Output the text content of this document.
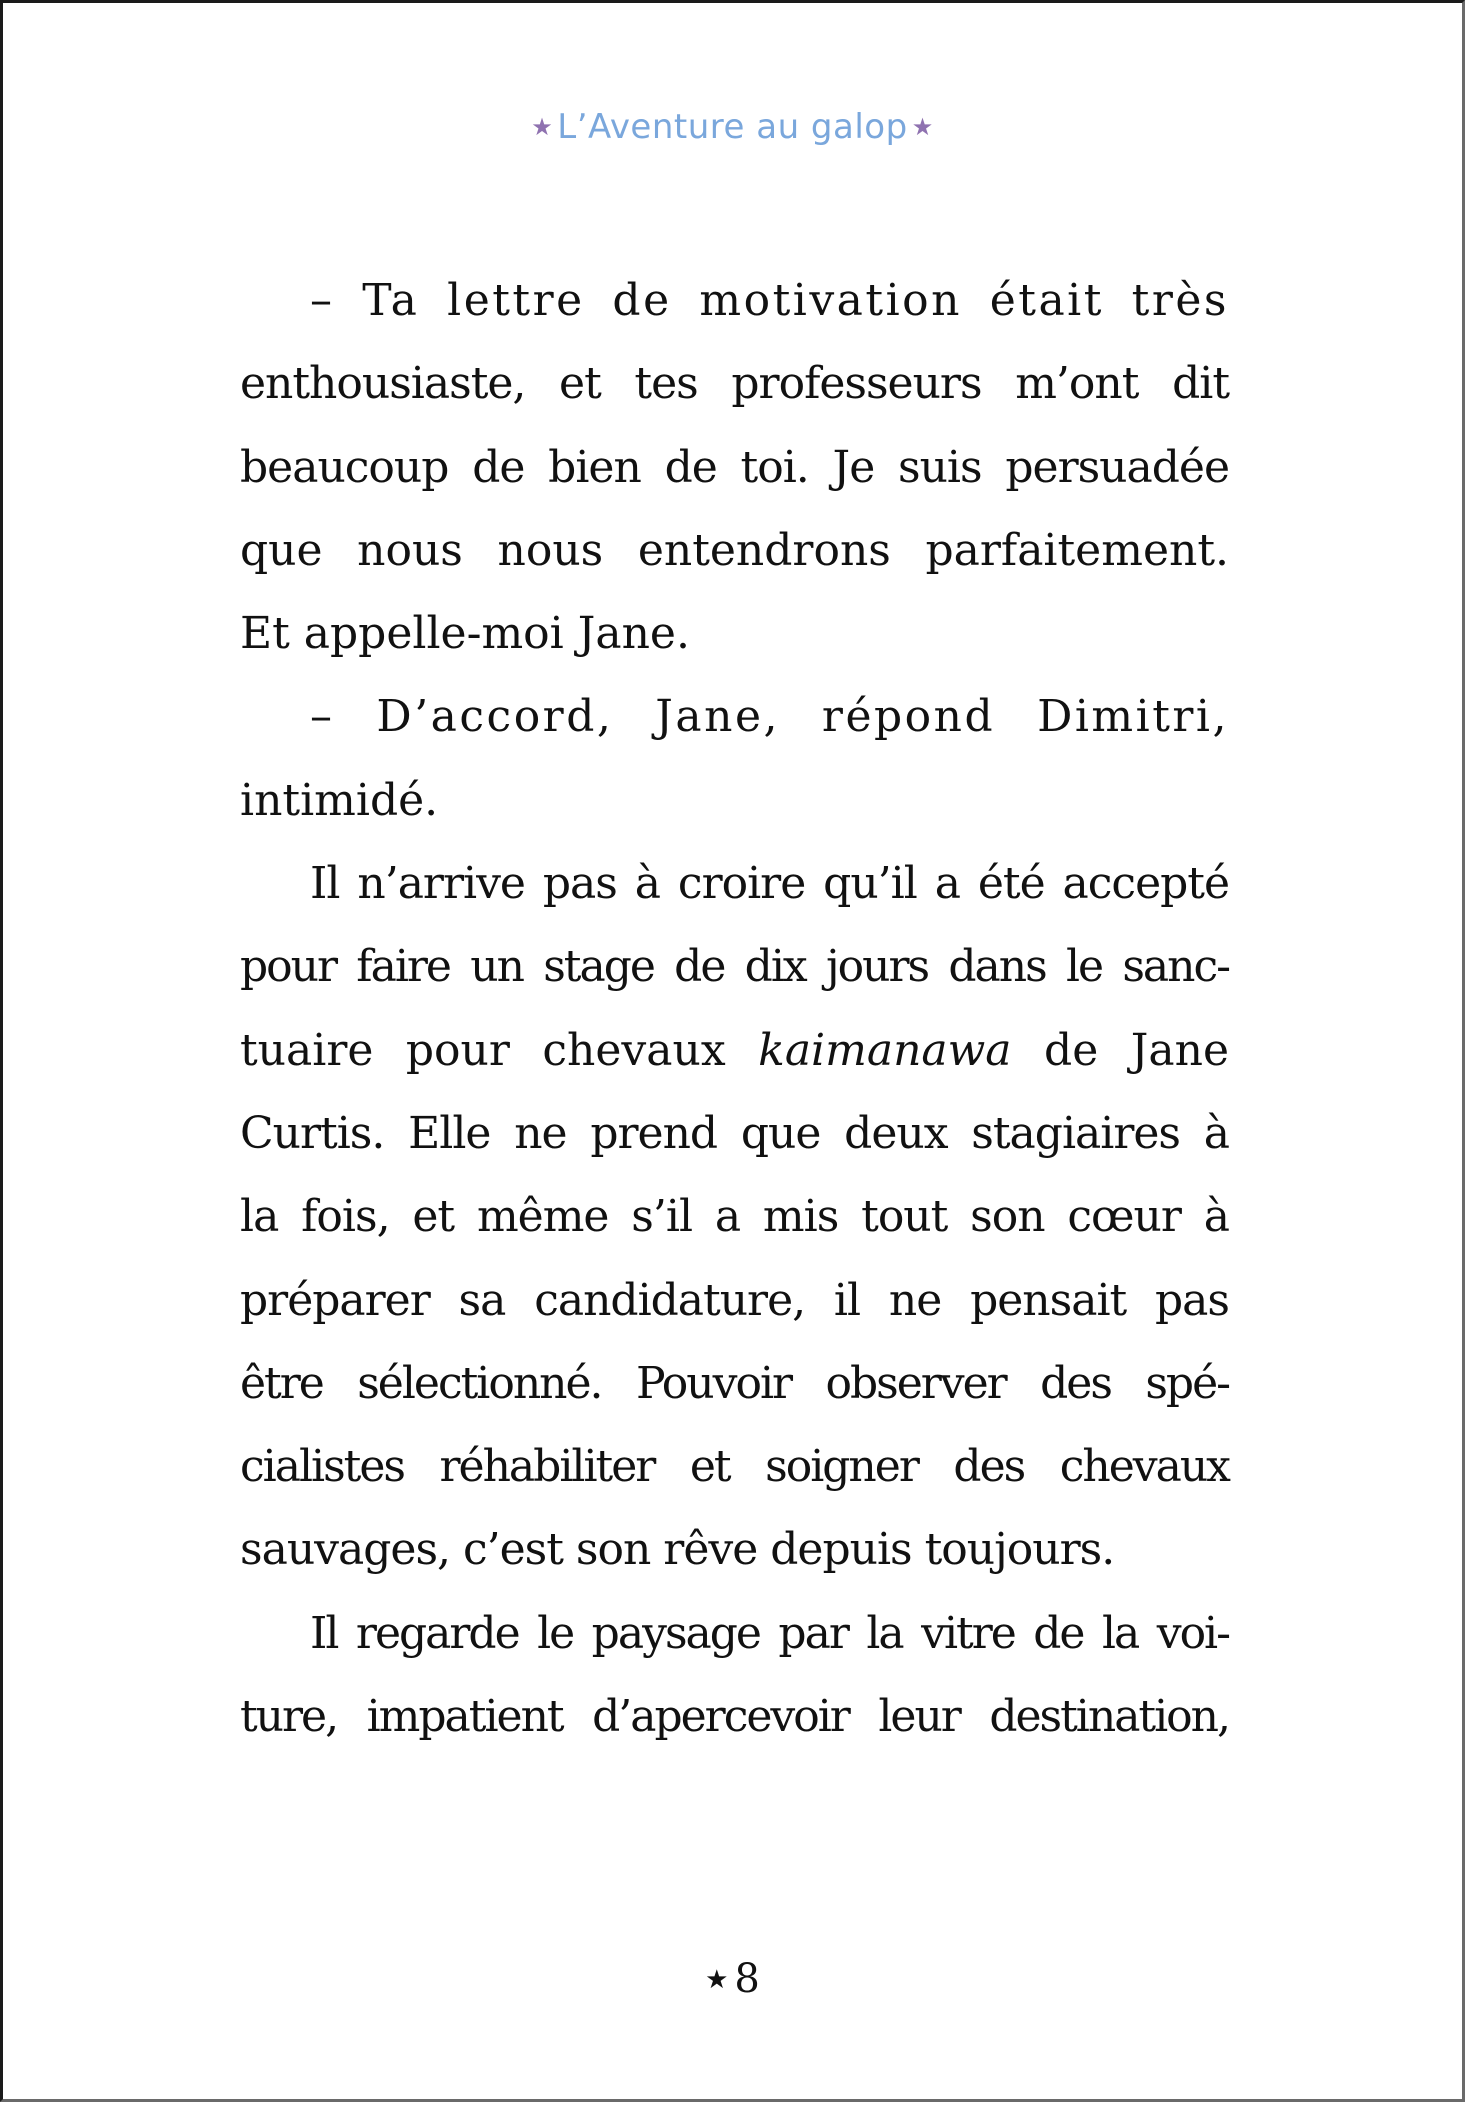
★ L’Aventure au galop ★
– Ta lettre de motivation était très
enthousiaste, et tes professeurs m’ont dit
beaucoup de bien de toi. Je suis persuadée
que nous nous entendrons parfaitement.
Et appelle-moi Jane.
– D’accord, Jane, répond Dimitri,
intimidé.
Il n’arrive pas à croire qu’il a été accepté
pour faire un stage de dix jours dans le sanc-
tuaire pour chevaux kaimanawa de Jane
Curtis. Elle ne prend que deux stagiaires à
la fois, et même s’il a mis tout son cœur à
préparer sa candidature, il ne pensait pas
être sélectionné. Pouvoir observer des spé-
cialistes réhabiliter et soigner des chevaux
sauvages, c’est son rêve depuis toujours.
Il regarde le paysage par la vitre de la voi-
ture, impatient d’apercevoir leur destination,
★ 8
